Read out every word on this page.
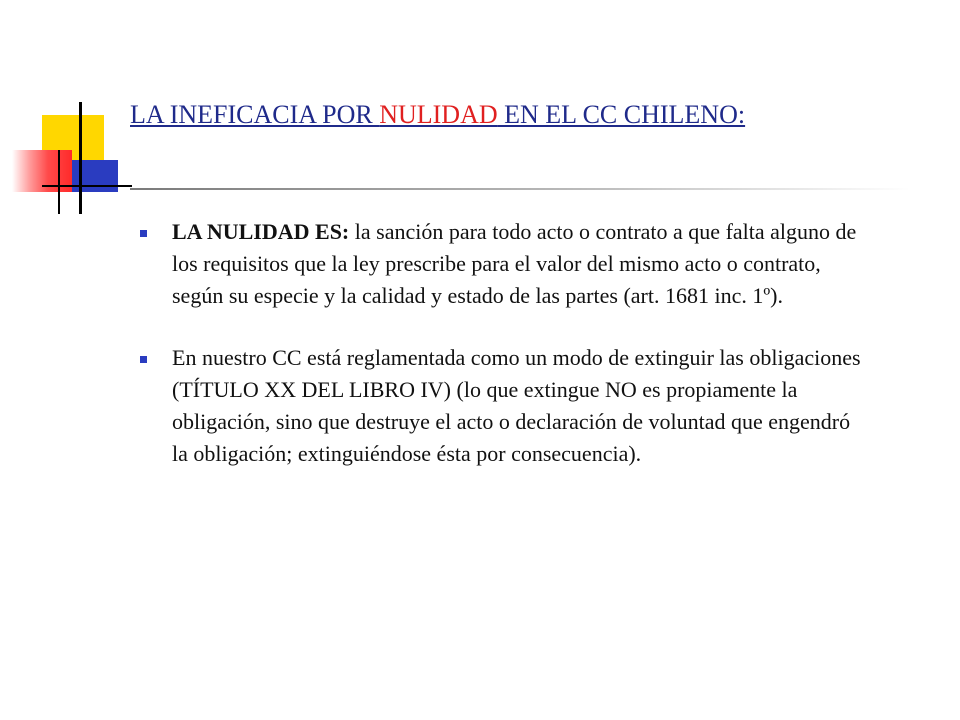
LA INEFICACIA POR NULIDAD EN EL CC CHILENO:
LA NULIDAD ES: la sanción para todo acto o contrato a que falta alguno de los requisitos que la ley prescribe para el valor del mismo acto o contrato, según su especie y la calidad y estado de las partes (art. 1681 inc. 1º).
En nuestro CC está reglamentada como un modo de extinguir las obligaciones (TÍTULO XX DEL LIBRO IV) (lo que extingue NO es propiamente la obligación, sino que destruye el acto o declaración de voluntad que engendró la obligación; extinguiéndose ésta por consecuencia).
